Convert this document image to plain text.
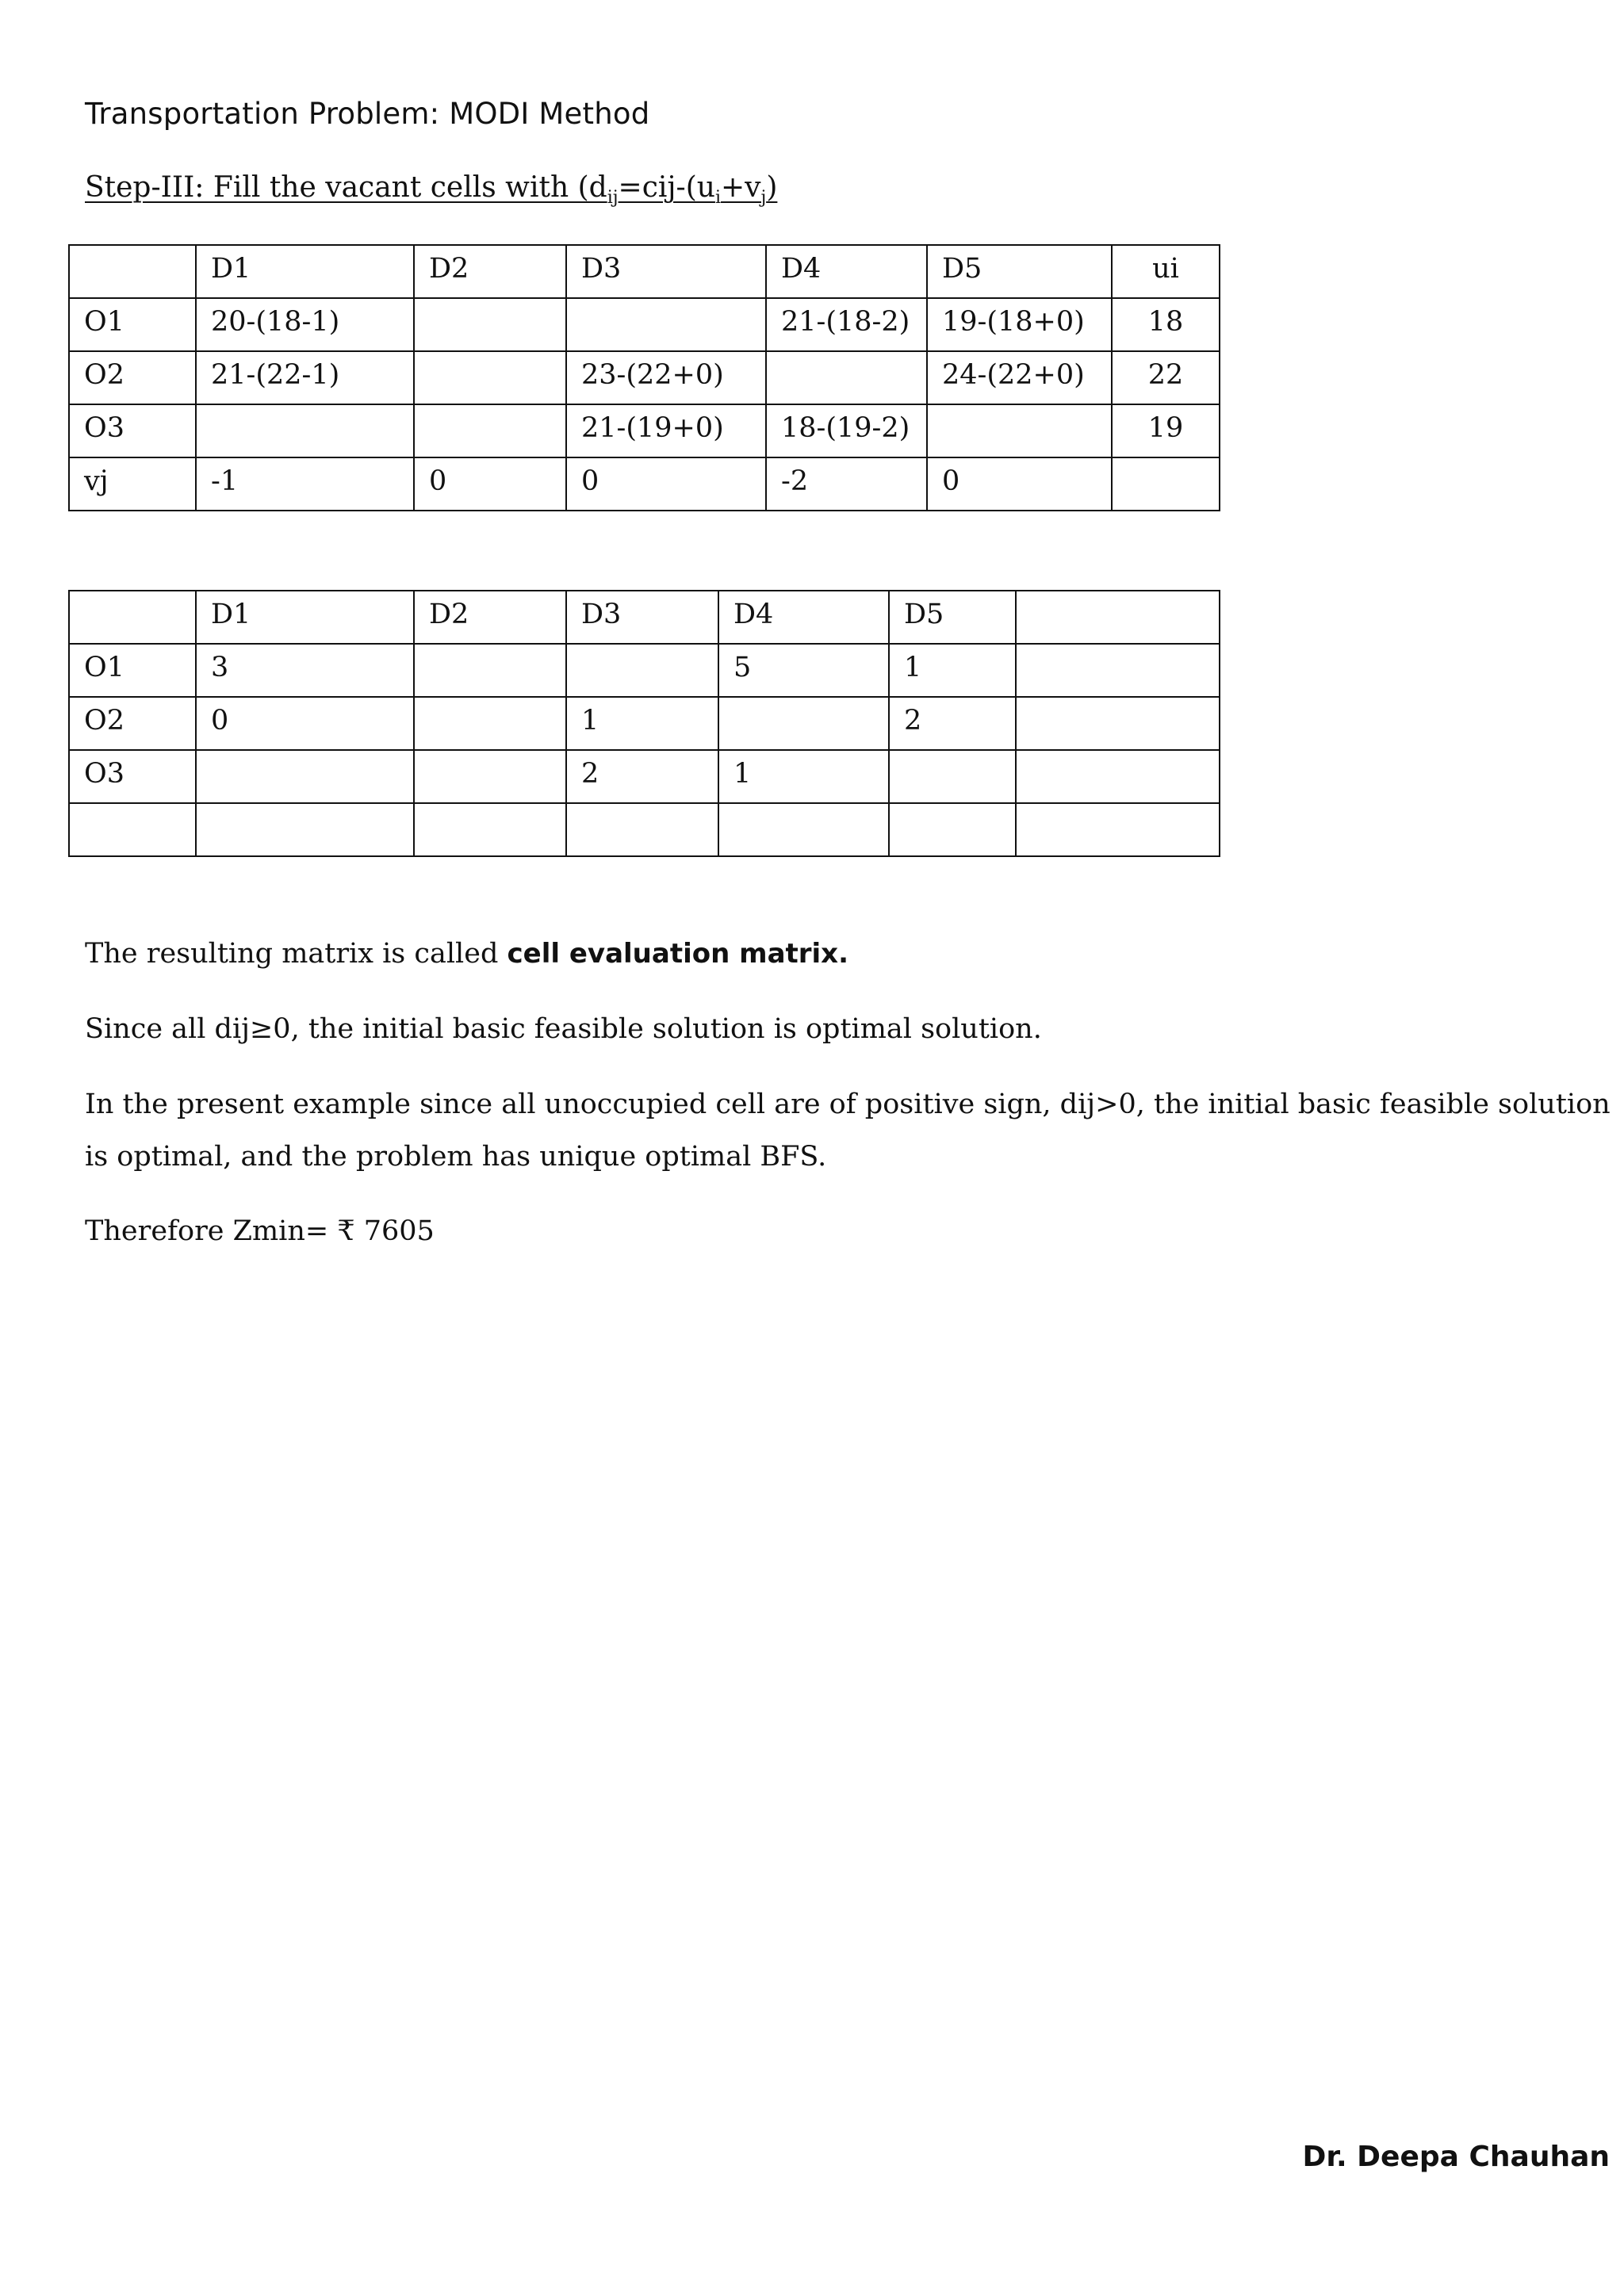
Transportation Problem: MODI Method
Step-III: Fill the vacant cells with ($d_{ij}=cij-(u_i+v_j)$
	D1	D2	D3	D4	D5	ui
O1	20-(18-1)			21-(18-2)	19-(18+0)	18
O2	21-(22-1)		23-(22+0)		24-(22+0)	22
O3			21-(19+0)	18-(19-2)		19
vj	-1	0	0	-2	0	
	D1	D2	D3	D4	D5	
O1	3			5	1	
O2	0		1		2	
O3			2	1		

The resulting matrix is called cell evaluation matrix.
Since all dij≥0, the initial basic feasible solution is optimal solution.
In the present example since all unoccupied cell are of positive sign, dij>0, the initial basic feasible solution is optimal, and the problem has unique optimal BFS.
Therefore Zmin= ₹ 7605
Dr. Deepa Chauhan
